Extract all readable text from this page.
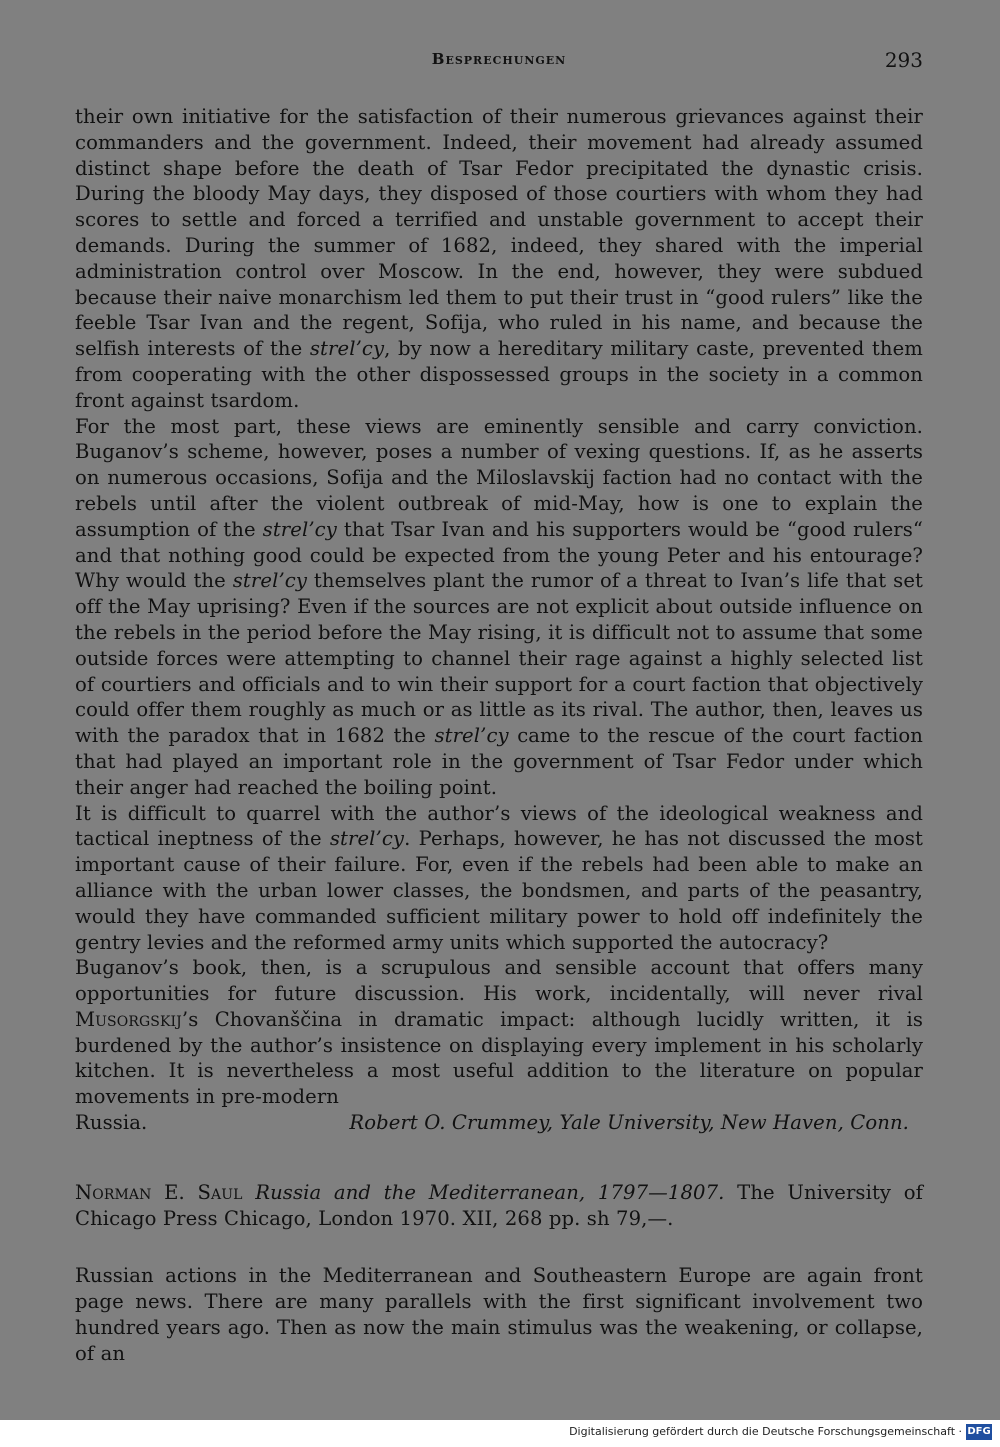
Besprechungen	293

their own initiative for the satisfaction of their numerous grievances against their commanders and the government. Indeed, their movement had already assumed distinct shape before the death of Tsar Fedor precipitated the dynastic crisis. During the bloody May days, they disposed of those courtiers with whom they had scores to settle and forced a terrified and unstable government to accept their demands. During the summer of 1682, indeed, they shared with the imperial administration control over Moscow. In the end, however, they were subdued because their naive monarchism led them to put their trust in “good rulers” like the feeble Tsar Ivan and the regent, Sofija, who ruled in his name, and because the selfish interests of the strel’cy, by now a hereditary military caste, prevented them from cooperating with the other dispossessed groups in the society in a common front against tsardom.

For the most part, these views are eminently sensible and carry conviction. Buganov’s scheme, however, poses a number of vexing questions. If, as he asserts on numerous occasions, Sofija and the Miloslavskij faction had no contact with the rebels until after the violent outbreak of mid-May, how is one to explain the assumption of the strel’cy that Tsar Ivan and his supporters would be “good rulers“ and that nothing good could be expected from the young Peter and his entourage? Why would the strel’cy themselves plant the rumor of a threat to Ivan’s life that set off the May uprising? Even if the sources are not explicit about outside influence on the rebels in the period before the May rising, it is difficult not to assume that some outside forces were attempting to channel their rage against a highly selected list of courtiers and officials and to win their support for a court faction that objectively could offer them roughly as much or as little as its rival. The author, then, leaves us with the paradox that in 1682 the strel’cy came to the rescue of the court faction that had played an important role in the government of Tsar Fedor under which their anger had reached the boiling point.

It is difficult to quarrel with the author’s views of the ideological weakness and tactical ineptness of the strel’cy. Perhaps, however, he has not discussed the most important cause of their failure. For, even if the rebels had been able to make an alliance with the urban lower classes, the bondsmen, and parts of the peasantry, would they have commanded sufficient military power to hold off indefinitely the gentry levies and the reformed army units which supported the autocracy?

Buganov’s book, then, is a scrupulous and sensible account that offers many opportunities for future discussion. His work, incidentally, will never rival Musorgskij’s Chovanščina in dramatic impact: although lucidly written, it is burdened by the author’s insistence on displaying every implement in his scholarly kitchen. It is nevertheless a most useful addition to the literature on popular movements in pre-modern

Russia.	Robert O. Crummey, Yale University, New Haven, Conn.

Norman E. Saul Russia and the Mediterranean, 1797—1807. The University of Chicago Press Chicago, London 1970. XII, 268 pp. sh 79,—.

Russian actions in the Mediterranean and Southeastern Europe are again front page news. There are many parallels with the first significant involvement two hundred years ago. Then as now the main stimulus was the weakening, or collapse, of an

Digitalisierung gefördert durch die Deutsche Forschungsgemeinschaft · DFG
